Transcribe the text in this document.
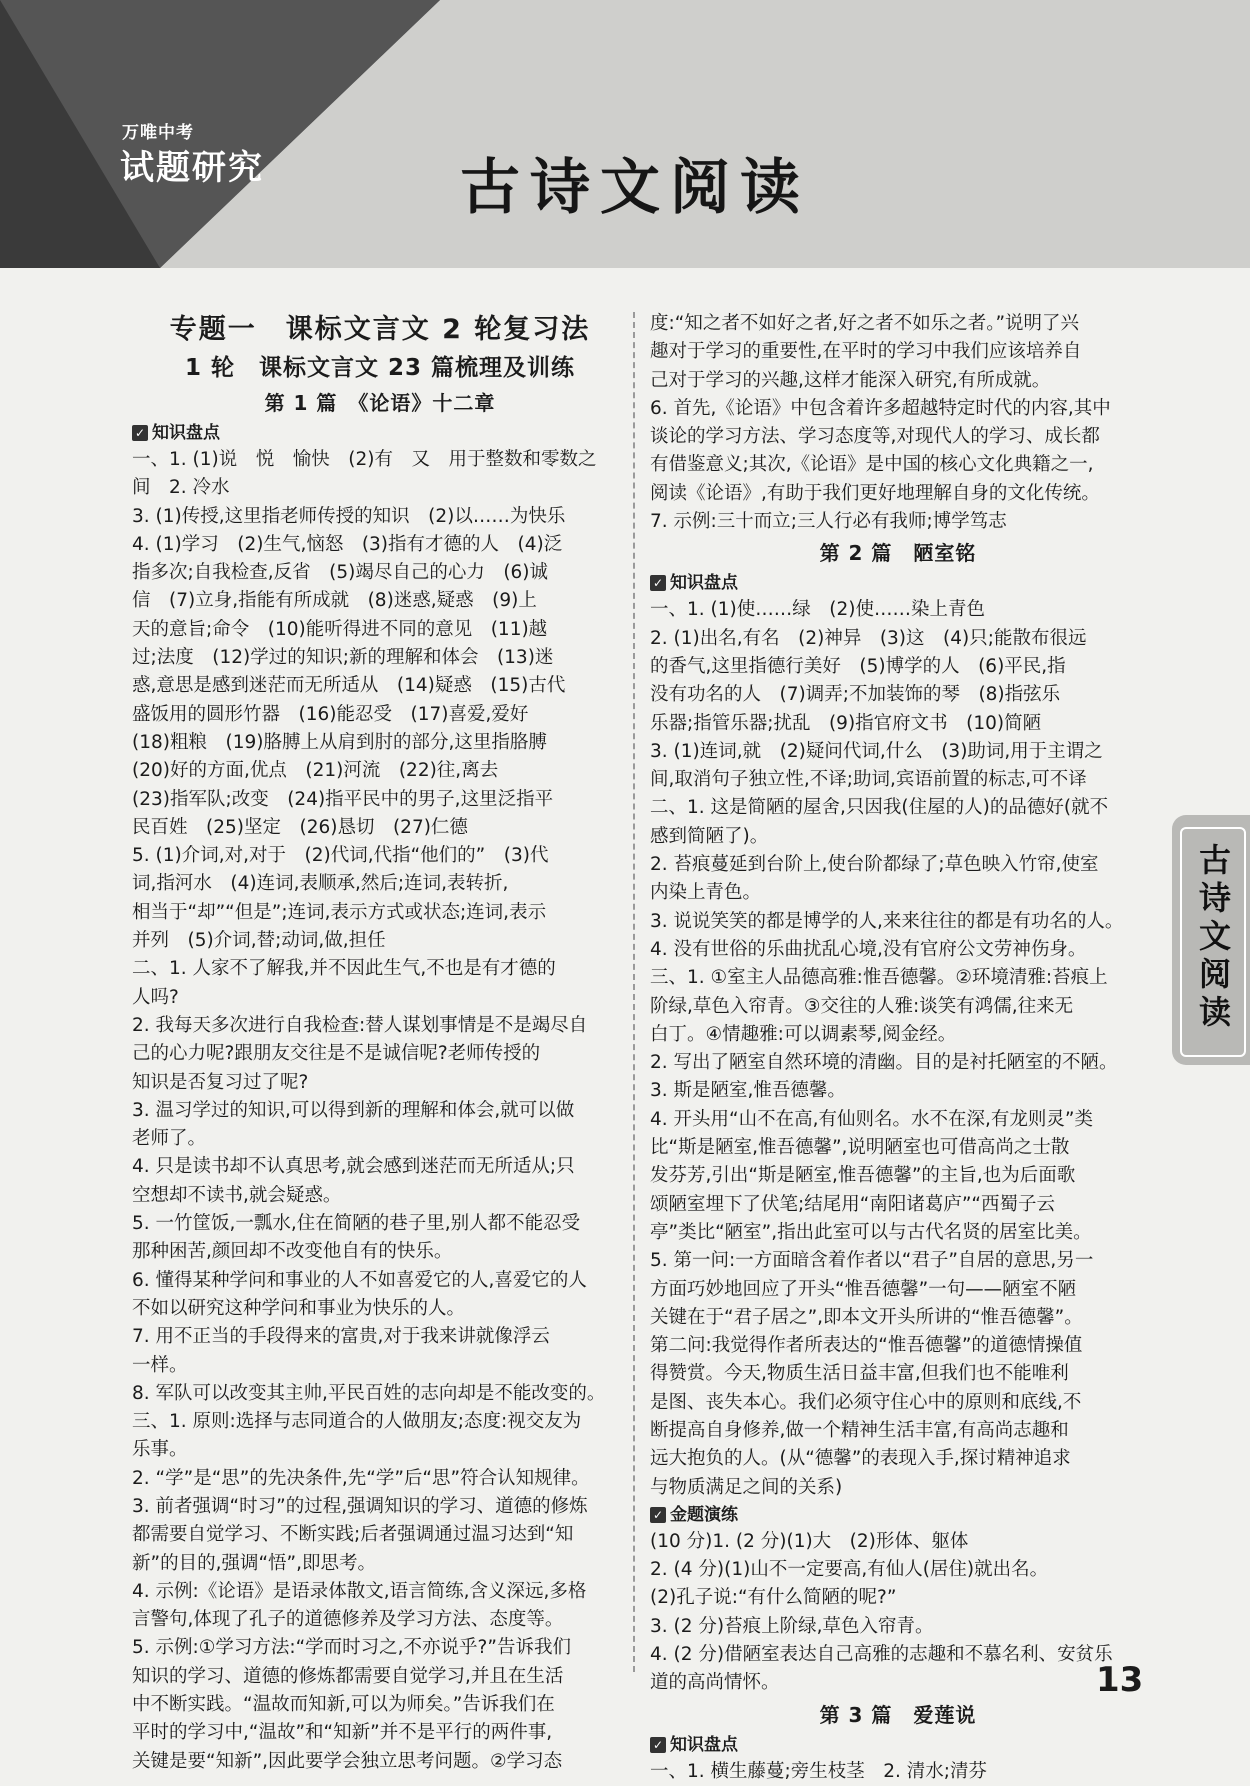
万唯中考
试题研究	古诗文阅读
专题一　课标文言文 2 轮复习法
1 轮　课标文言文 23 篇梳理及训练
第 1 篇　《论语》十二章
✓ 知识盘点
一、1. (1)说　悦　愉快　(2)有　又　用于整数和零数之
间　2. 冷水
3. (1)传授,这里指老师传授的知识　(2)以……为快乐
4. (1)学习　(2)生气,恼怒　(3)指有才德的人　(4)泛
指多次;自我检查,反省　(5)竭尽自己的心力　(6)诚
信　(7)立身,指能有所成就　(8)迷惑,疑惑　(9)上
天的意旨;命令　(10)能听得进不同的意见　(11)越
过;法度　(12)学过的知识;新的理解和体会　(13)迷
惑,意思是感到迷茫而无所适从　(14)疑惑　(15)古代
盛饭用的圆形竹器　(16)能忍受　(17)喜爱,爱好
(18)粗粮　(19)胳膊上从肩到肘的部分,这里指胳膊
(20)好的方面,优点　(21)河流　(22)往,离去
(23)指军队;改变　(24)指平民中的男子,这里泛指平
民百姓　(25)坚定　(26)恳切　(27)仁德
5. (1)介词,对,对于　(2)代词,代指“他们的”　(3)代
词,指河水　(4)连词,表顺承,然后;连词,表转折,
相当于“却”“但是”;连词,表示方式或状态;连词,表示
并列　(5)介词,替;动词,做,担任
二、1. 人家不了解我,并不因此生气,不也是有才德的
人吗?
2. 我每天多次进行自我检查:替人谋划事情是不是竭尽自
己的心力呢?跟朋友交往是不是诚信呢?老师传授的
知识是否复习过了呢?
3. 温习学过的知识,可以得到新的理解和体会,就可以做
老师了。
4. 只是读书却不认真思考,就会感到迷茫而无所适从;只
空想却不读书,就会疑惑。
5. 一竹筐饭,一瓢水,住在简陋的巷子里,别人都不能忍受
那种困苦,颜回却不改变他自有的快乐。
6. 懂得某种学问和事业的人不如喜爱它的人,喜爱它的人
不如以研究这种学问和事业为快乐的人。
7. 用不正当的手段得来的富贵,对于我来讲就像浮云
一样。
8. 军队可以改变其主帅,平民百姓的志向却是不能改变的。
三、1. 原则:选择与志同道合的人做朋友;态度:视交友为
乐事。
2. “学”是“思”的先决条件,先“学”后“思”符合认知规律。
3. 前者强调“时习”的过程,强调知识的学习、道德的修炼
都需要自觉学习、不断实践;后者强调通过温习达到“知
新”的目的,强调“悟”,即思考。
4. 示例:《论语》是语录体散文,语言简练,含义深远,多格
言警句,体现了孔子的道德修养及学习方法、态度等。
5. 示例:①学习方法:“学而时习之,不亦说乎?”告诉我们
知识的学习、道德的修炼都需要自觉学习,并且在生活
中不断实践。“温故而知新,可以为师矣。”告诉我们在
平时的学习中,“温故”和“知新”并不是平行的两件事,
关键是要“知新”,因此要学会独立思考问题。②学习态
度:“知之者不如好之者,好之者不如乐之者。”说明了兴
趣对于学习的重要性,在平时的学习中我们应该培养自
己对于学习的兴趣,这样才能深入研究,有所成就。
6. 首先,《论语》中包含着许多超越特定时代的内容,其中
谈论的学习方法、学习态度等,对现代人的学习、成长都
有借鉴意义;其次,《论语》是中国的核心文化典籍之一,
阅读《论语》,有助于我们更好地理解自身的文化传统。
7. 示例:三十而立;三人行必有我师;博学笃志
第 2 篇　陋室铭
✓ 知识盘点
一、1. (1)使……绿　(2)使……染上青色
2. (1)出名,有名　(2)神异　(3)这　(4)只;能散布很远
的香气,这里指德行美好　(5)博学的人　(6)平民,指
没有功名的人　(7)调弄;不加装饰的琴　(8)指弦乐
乐器;指管乐器;扰乱　(9)指官府文书　(10)简陋
3. (1)连词,就　(2)疑问代词,什么　(3)助词,用于主谓之
间,取消句子独立性,不译;助词,宾语前置的标志,可不译
二、1. 这是简陋的屋舍,只因我(住屋的人)的品德好(就不
感到简陋了)。
2. 苔痕蔓延到台阶上,使台阶都绿了;草色映入竹帘,使室
内染上青色。
3. 说说笑笑的都是博学的人,来来往往的都是有功名的人。
4. 没有世俗的乐曲扰乱心境,没有官府公文劳神伤身。
三、1. ①室主人品德高雅:惟吾德馨。②环境清雅:苔痕上
阶绿,草色入帘青。③交往的人雅:谈笑有鸿儒,往来无
白丁。④情趣雅:可以调素琴,阅金经。
2. 写出了陋室自然环境的清幽。目的是衬托陋室的不陋。
3. 斯是陋室,惟吾德馨。
4. 开头用“山不在高,有仙则名。水不在深,有龙则灵”类
比“斯是陋室,惟吾德馨”,说明陋室也可借高尚之士散
发芬芳,引出“斯是陋室,惟吾德馨”的主旨,也为后面歌
颂陋室埋下了伏笔;结尾用“南阳诸葛庐”“西蜀子云
亭”类比“陋室”,指出此室可以与古代名贤的居室比美。
5. 第一问:一方面暗含着作者以“君子”自居的意思,另一
方面巧妙地回应了开头“惟吾德馨”一句——陋室不陋
关键在于“君子居之”,即本文开头所讲的“惟吾德馨”。
第二问:我觉得作者所表达的“惟吾德馨”的道德情操值
得赞赏。今天,物质生活日益丰富,但我们也不能唯利
是图、丧失本心。我们必须守住心中的原则和底线,不
断提高自身修养,做一个精神生活丰富,有高尚志趣和
远大抱负的人。(从“德馨”的表现入手,探讨精神追求
与物质满足之间的关系)
✓ 金题演练
(10 分)1. (2 分)(1)大　(2)形体、躯体
2. (4 分)(1)山不一定要高,有仙人(居住)就出名。
(2)孔子说:“有什么简陋的呢?”
3. (2 分)苔痕上阶绿,草色入帘青。
4. (2 分)借陋室表达自己高雅的志趣和不慕名利、安贫乐
道的高尚情怀。
第 3 篇　爱莲说
✓ 知识盘点
一、1. 横生藤蔓;旁生枝茎　2. 清水;清芬
古诗文阅读
13
